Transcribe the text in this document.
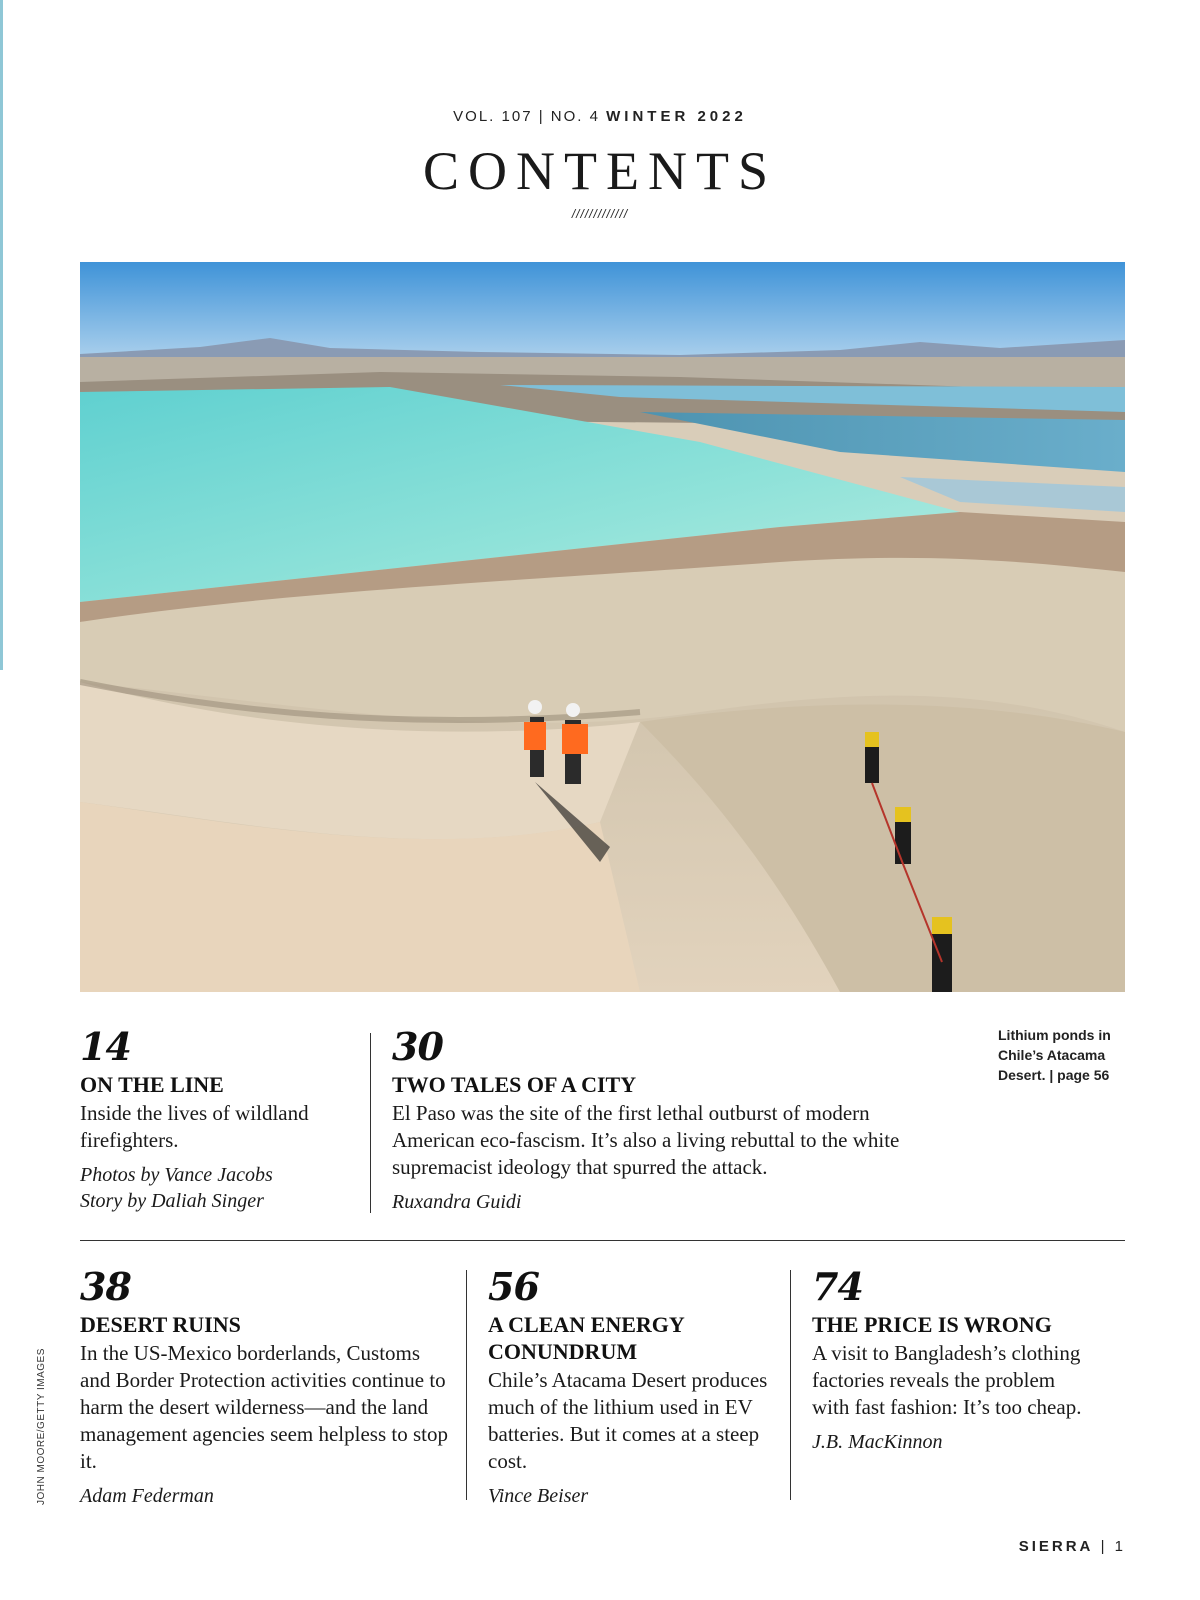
VOL. 107 | NO. 4 WINTER 2022
CONTENTS
/////////////
Lithium ponds in Chile’s Atacama Desert. | page 56
14
ON THE LINE
Inside the lives of wildland firefighters.
Photos by Vance Jacobs
Story by Daliah Singer
30
TWO TALES OF A CITY
El Paso was the site of the first lethal outburst of modern American eco-fascism. It’s also a living rebuttal to the white supremacist ideology that spurred the attack.
Ruxandra Guidi
38
DESERT RUINS
In the US-Mexico borderlands, Customs and Border Protection activities continue to harm the desert wilderness—and the land management agencies seem helpless to stop it.
Adam Federman
56
A CLEAN ENERGY CONUNDRUM
Chile’s Atacama Desert produces much of the lithium used in EV batteries. But it comes at a steep cost.
Vince Beiser
74
THE PRICE IS WRONG
A visit to Bangladesh’s clothing factories reveals the problem with fast fashion: It’s too cheap.
J.B. MacKinnon
JOHN MOORE/GETTY IMAGES
SIERRA | 1
